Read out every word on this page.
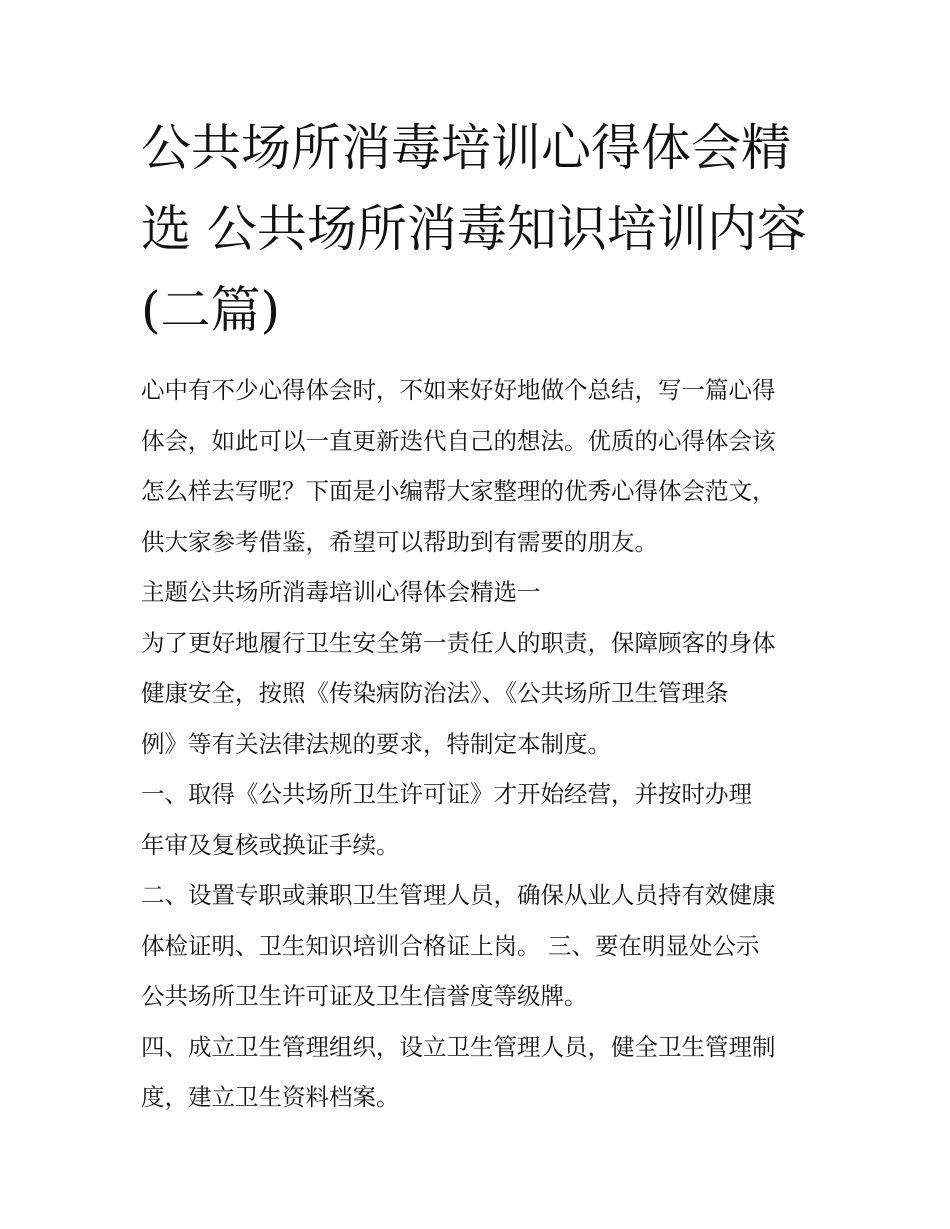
公共场所消毒培训心得体会精
选 公共场所消毒知识培训内容
(二篇)

心中有不少心得体会时，不如来好好地做个总结，写一篇心得
体会，如此可以一直更新迭代自己的想法。优质的心得体会该
怎么样去写呢？下面是小编帮大家整理的优秀心得体会范文，
供大家参考借鉴，希望可以帮助到有需要的朋友。

主题公共场所消毒培训心得体会精选一

为了更好地履行卫生安全第一责任人的职责，保障顾客的身体
健康安全，按照《传染病防治法》、《公共场所卫生管理条
例》等有关法律法规的要求，特制定本制度。

一、取得《公共场所卫生许可证》才开始经营，并按时办理
年审及复核或换证手续。

二、设置专职或兼职卫生管理人员，确保从业人员持有效健康
体检证明、卫生知识培训合格证上岗。 三、要在明显处公示
公共场所卫生许可证及卫生信誉度等级牌。

四、成立卫生管理组织，设立卫生管理人员，健全卫生管理制
度，建立卫生资料档案。
